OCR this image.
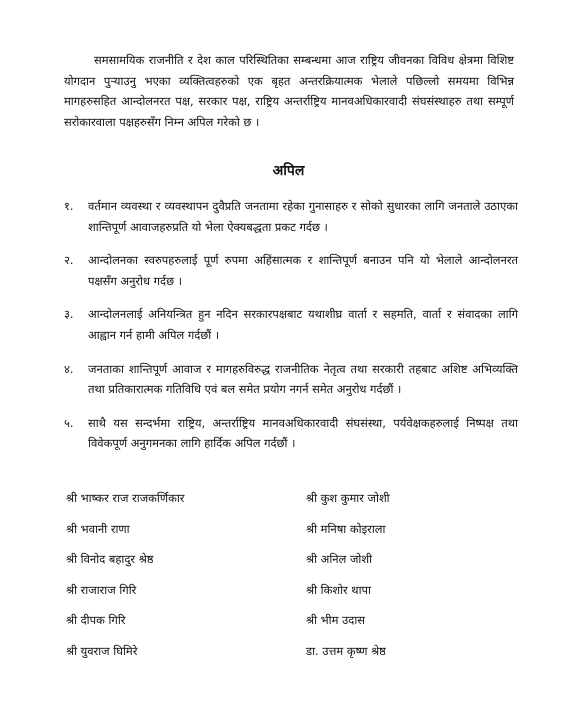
समसामयिक राजनीति र देश काल परिस्थितिका सम्बन्धमा आज राष्ट्रिय जीवनका विविध क्षेत्रमा विशिष्ट योगदान पुर्‍याउनु भएका व्यक्तित्वहरुको एक बृहत अन्तरक्रियात्मक भेलाले पछिल्लो समयमा विभिन्न मागहरुसहित आन्दोलनरत पक्ष, सरकार पक्ष, राष्ट्रिय अन्तर्राष्ट्रिय मानवअधिकारवादी संघसंस्थाहरु तथा सम्पूर्ण सरोकारवाला पक्षहरुसँग निम्न अपिल गरेको छ ।

अपिल
१.	वर्तमान व्यवस्था र व्यवस्थापन दुवैप्रति जनतामा रहेका गुनासाहरु र सोको सुधारका लागि जनताले उठाएका शान्तिपूर्ण आवाजहरुप्रति यो भेला ऐक्यबद्धता प्रकट गर्दछ ।
२.	आन्दोलनका स्वरुपहरुलाई पूर्ण रुपमा अहिंसात्मक र शान्तिपूर्ण बनाउन पनि यो भेलाले आन्दोलनरत पक्षसँग अनुरोध गर्दछ ।
३.	आन्दोलनलाई अनियन्त्रित हुन नदिन सरकारपक्षबाट यथाशीघ्र वार्ता र सहमति, वार्ता र संवादका लागि आह्वान गर्न हामी अपिल गर्दछौं ।
४.	जनताका शान्तिपूर्ण आवाज र मागहरुविरुद्ध राजनीतिक नेतृत्व तथा सरकारी तहबाट अशिष्ट अभिव्यक्ति तथा प्रतिकारात्मक गतिविधि एवं बल समेत प्रयोग नगर्न समेत अनुरोध गर्दछौं ।
५.	साथै यस सन्दर्भमा राष्ट्रिय, अन्तर्राष्ट्रिय मानवअधिकारवादी संघसंस्था, पर्यवेक्षकहरुलाई निष्पक्ष तथा विवेकपूर्ण अनुगमनका लागि हार्दिक अपिल गर्दछौं ।
श्री भाष्कर राज राजकर्णिकार	श्री कुश कुमार जोशी
श्री भवानी राणा	श्री मनिषा कोइराला
श्री विनोद बहादुर श्रेष्ठ	श्री अनिल जोशी
श्री राजाराज गिरि	श्री किशोर थापा
श्री दीपक गिरि	श्री भीम उदास
श्री युवराज घिमिरे	डा. उत्तम कृष्ण श्रेष्ठ
